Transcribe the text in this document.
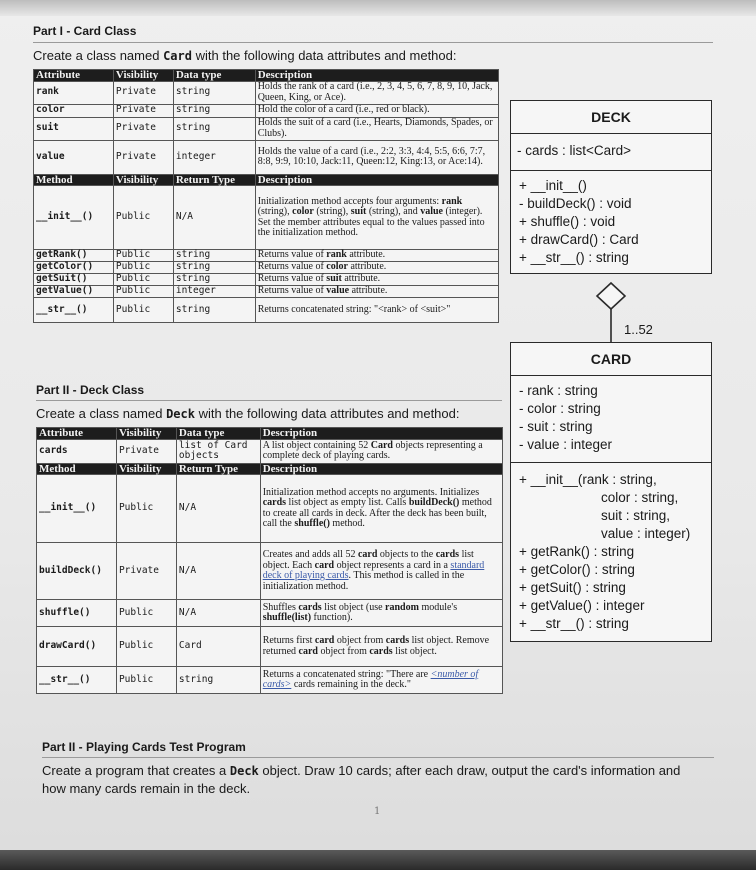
Part I - Card Class
Create a class named Card with the following data attributes and method:
Attribute	Visibility	Data type	Description
rank	Private	string	Holds the rank of a card (i.e., 2, 3, 4, 5, 6, 7, 8, 9, 10, Jack, Queen, King, or Ace).
color	Private	string	Hold the color of a card (i.e., red or black).
suit	Private	string	Holds the suit of a card (i.e., Hearts, Diamonds, Spades, or Clubs).
value	Private	integer	Holds the value of a card (i.e., 2:2, 3:3, 4:4, 5:5, 6:6, 7:7, 8:8, 9:9, 10:10, Jack:11, Queen:12, King:13, or Ace:14).
Method	Visibility	Return Type	Description
__init__()	Public	N/A	Initialization method accepts four arguments: rank (string), color (string), suit (string), and value (integer). Set the member attributes equal to the values passed into the initialization method.
getRank()	Public	string	Returns value of rank attribute.
getColor()	Public	string	Returns value of color attribute.
getSuit()	Public	string	Returns value of suit attribute.
getValue()	Public	integer	Returns value of value attribute.
__str__()	Public	string	Returns concatenated string: "<rank> of <suit>"
Part II - Deck Class
Create a class named Deck with the following data attributes and method:
Attribute	Visibility	Data type	Description
cards	Private	list of Card objects	A list object containing 52 Card objects representing a complete deck of playing cards.
Method	Visibility	Return Type	Description
__init__()	Public	N/A	Initialization method accepts no arguments. Initializes cards list object as empty list. Calls buildDeck() method to create all cards in deck. After the deck has been built, call the shuffle() method.
buildDeck()	Private	N/A	Creates and adds all 52 card objects to the cards list object. Each card object represents a card in a standard deck of playing cards. This method is called in the initialization method.
shuffle()	Public	N/A	Shuffles cards list object (use random module's shuffle(list) function).
drawCard()	Public	Card	Returns first card object from cards list object. Remove returned card object from cards list object.
__str__()	Public	string	Returns a concatenated string: "There are <number of cards> cards remaining in the deck."
DECK
- cards : list<Card>
+ __init__()
- buildDeck() : void
+ shuffle() : void
+ drawCard() : Card
+ __str__() : string
1..52
CARD
- rank : string
- color : string
- suit : string
- value : integer
+ __init__(rank : string,
color : string,
suit : string,
value : integer)
+ getRank() : string
+ getColor() : string
+ getSuit() : string
+ getValue() : integer
+ __str__() : string
Part II - Playing Cards Test Program
Create a program that creates a Deck object. Draw 10 cards; after each draw, output the card's information and
how many cards remain in the deck.
1
